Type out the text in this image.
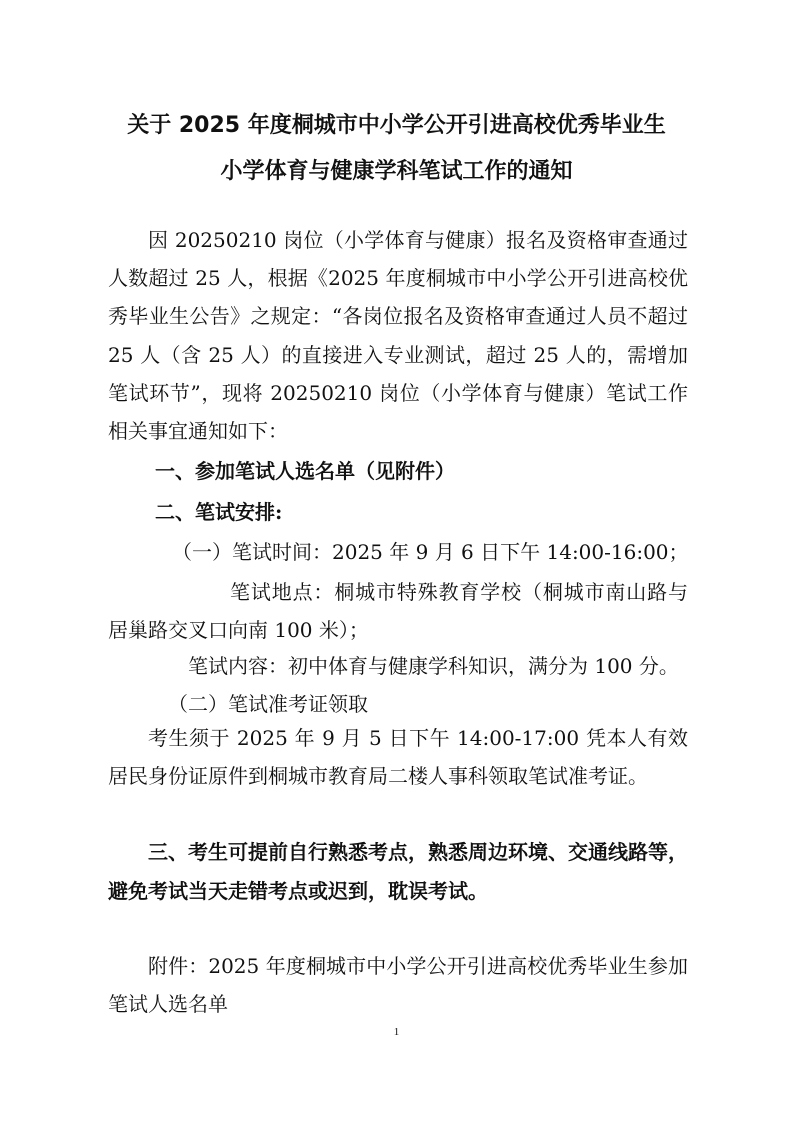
关于 2025 年度桐城市中小学公开引进高校优秀毕业生
小学体育与健康学科笔试工作的通知

因 20250210 岗位（小学体育与健康）报名及资格审查通过人数超过 25 人，根据《2025 年度桐城市中小学公开引进高校优秀毕业生公告》之规定：“各岗位报名及资格审查通过人员不超过 25 人（含 25 人）的直接进入专业测试，超过 25 人的，需增加笔试环节”，现将 20250210 岗位（小学体育与健康）笔试工作相关事宜通知如下：

一、参加笔试人选名单（见附件）

二、笔试安排:

（一）笔试时间：2025 年 9 月 6 日下午 14:00-16:00；

笔试地点：桐城市特殊教育学校（桐城市南山路与居巢路交叉口向南 100 米）；

笔试内容：初中体育与健康学科知识，满分为 100 分。

（二）笔试准考证领取

考生须于 2025 年 9 月 5 日下午 14:00-17:00 凭本人有效居民身份证原件到桐城市教育局二楼人事科领取笔试准考证。

三、考生可提前自行熟悉考点，熟悉周边环境、交通线路等，避免考试当天走错考点或迟到，耽误考试。

附件：2025 年度桐城市中小学公开引进高校优秀毕业生参加笔试人选名单

1
